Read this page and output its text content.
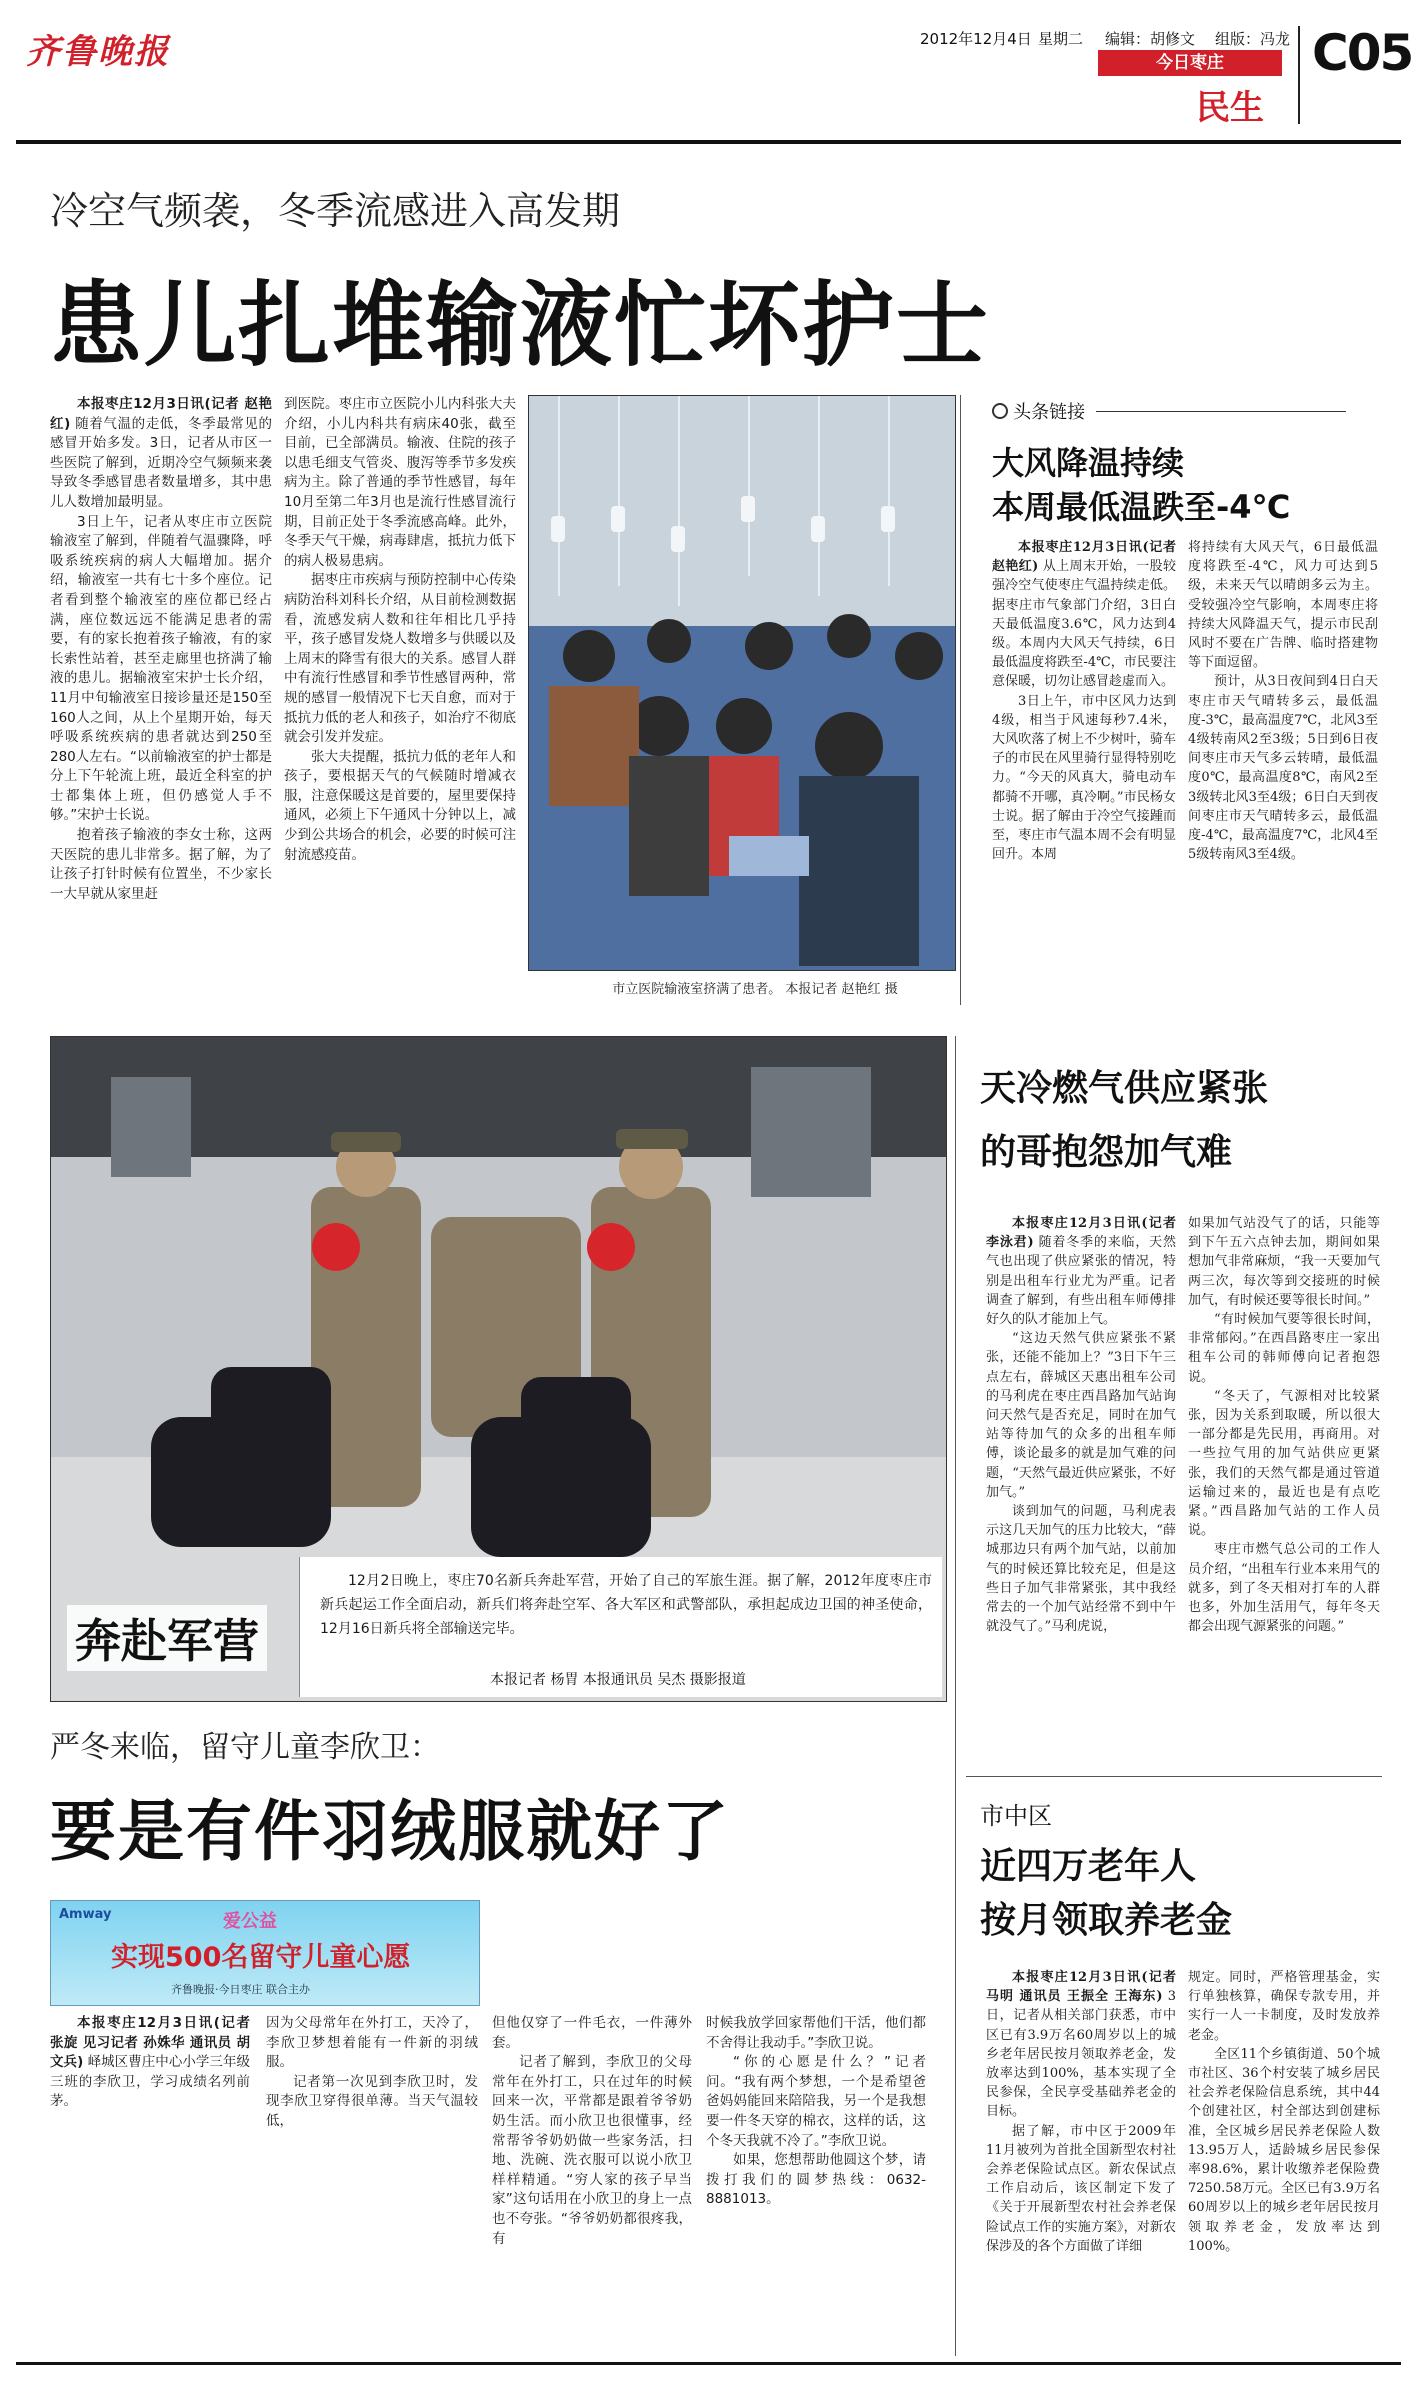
齐鲁晚报	2012年12月4日 星期二 编辑：胡修文 组版：冯龙
今日枣庄
民生
C05
冷空气频袭，冬季流感进入高发期
患儿扎堆输液忙坏护士

本报枣庄12月3日讯(记者 赵艳红) 随着气温的走低，冬季最常见的感冒开始多发。3日，记者从市区一些医院了解到，近期冷空气频频来袭导致冬季感冒患者数量增多，其中患儿人数增加最明显。

3日上午，记者从枣庄市立医院输液室了解到，伴随着气温骤降，呼吸系统疾病的病人大幅增加。据介绍，输液室一共有七十多个座位。记者看到整个输液室的座位都已经占满，座位数远远不能满足患者的需要，有的家长抱着孩子输液，有的家长索性站着，甚至走廊里也挤满了输液的患儿。据输液室宋护士长介绍，11月中旬输液室日接诊量还是150至160人之间，从上个星期开始，每天呼吸系统疾病的患者就达到250至280人左右。“以前输液室的护士都是分上下午轮流上班，最近全科室的护士都集体上班，但仍感觉人手不够。”宋护士长说。

抱着孩子输液的李女士称，这两天医院的患儿非常多。据了解，为了让孩子打针时候有位置坐，不少家长一大早就从家里赶

到医院。枣庄市立医院小儿内科张大夫介绍，小儿内科共有病床40张，截至目前，已全部满员。输液、住院的孩子以患毛细支气管炎、腹泻等季节多发疾病为主。除了普通的季节性感冒，每年10月至第二年3月也是流行性感冒流行期，目前正处于冬季流感高峰。此外，冬季天气干燥，病毒肆虐，抵抗力低下的病人极易患病。

据枣庄市疾病与预防控制中心传染病防治科刘科长介绍，从目前检测数据看，流感发病人数和往年相比几乎持平，孩子感冒发烧人数增多与供暖以及上周末的降雪有很大的关系。感冒人群中有流行性感冒和季节性感冒两种，常规的感冒一般情况下七天自愈，而对于抵抗力低的老人和孩子，如治疗不彻底就会引发并发症。

张大夫提醒，抵抗力低的老年人和孩子，要根据天气的气候随时增减衣服，注意保暖这是首要的，屋里要保持通风，必须上下午通风十分钟以上，减少到公共场合的机会，必要的时候可注射流感疫苗。

市立医院输液室挤满了患者。 本报记者 赵艳红 摄
头条链接
大风降温持续
本周最低温跌至-4℃

本报枣庄12月3日讯(记者 赵艳红) 从上周末开始，一股较强冷空气使枣庄气温持续走低。据枣庄市气象部门介绍，3日白天最低温度3.6℃，风力达到4级。本周内大风天气持续，6日最低温度将跌至-4℃，市民要注意保暖，切勿让感冒趁虚而入。

3日上午，市中区风力达到4级，相当于风速每秒7.4米，大风吹落了树上不少树叶，骑车子的市民在风里骑行显得特别吃力。“今天的风真大，骑电动车都骑不开哪，真冷啊。”市民杨女士说。据了解由于冷空气接踵而至，枣庄市气温本周不会有明显回升。本周

将持续有大风天气，6日最低温度将跌至-4℃，风力可达到5级，未来天气以晴朗多云为主。受较强冷空气影响，本周枣庄将持续大风降温天气，提示市民刮风时不要在广告牌、临时搭建物等下面逗留。

预计，从3日夜间到4日白天枣庄市天气晴转多云，最低温度-3℃，最高温度7℃，北风3至4级转南风2至3级；5日到6日夜间枣庄市天气多云转晴，最低温度0℃，最高温度8℃，南风2至3级转北风3至4级；6日白天到夜间枣庄市天气晴转多云，最低温度-4℃，最高温度7℃，北风4至5级转南风3至4级。

12月2日晚上，枣庄70名新兵奔赴军营，开始了自己的军旅生涯。据了解，2012年度枣庄市新兵起运工作全面启动，新兵们将奔赴空军、各大军区和武警部队，承担起成边卫国的神圣使命，12月16日新兵将全部输送完毕。
本报记者 杨胃 本报通讯员 吴杰 摄影报道
奔赴军营
天冷燃气供应紧张
的哥抱怨加气难

本报枣庄12月3日讯(记者 李泳君) 随着冬季的来临，天然气也出现了供应紧张的情况，特别是出租车行业尤为严重。记者调查了解到，有些出租车师傅排好久的队才能加上气。

“这边天然气供应紧张不紧张，还能不能加上？”3日下午三点左右，薛城区天惠出租车公司的马利虎在枣庄西昌路加气站询问天然气是否充足，同时在加气站等待加气的众多的出租车师傅，谈论最多的就是加气难的问题，“天然气最近供应紧张，不好加气。”

谈到加气的问题，马利虎表示这几天加气的压力比较大，“薛城那边只有两个加气站，以前加气的时候还算比较充足，但是这些日子加气非常紧张，其中我经常去的一个加气站经常不到中午就没气了。”马利虎说，

如果加气站没气了的话，只能等到下午五六点钟去加，期间如果想加气非常麻烦，“我一天要加气两三次，每次等到交接班的时候加气，有时候还要等很长时间。”

“有时候加气要等很长时间，非常郁闷。”在西昌路枣庄一家出租车公司的韩师傅向记者抱怨说。

“冬天了，气源相对比较紧张，因为关系到取暖，所以很大一部分都是先民用，再商用。对一些拉气用的加气站供应更紧张，我们的天然气都是通过管道运输过来的，最近也是有点吃紧。”西昌路加气站的工作人员说。

枣庄市燃气总公司的工作人员介绍，“出租车行业本来用气的就多，到了冬天相对打车的人群也多，外加生活用气，每年冬天都会出现气源紧张的问题。”

市中区
近四万老年人
按月领取养老金

本报枣庄12月3日讯(记者 马明 通讯员 王振全 王海东) 3日，记者从相关部门获悉，市中区已有3.9万名60周岁以上的城乡老年居民按月领取养老金，发放率达到100%，基本实现了全民参保，全民享受基础养老金的目标。

据了解，市中区于2009年11月被列为首批全国新型农村社会养老保险试点区。新农保试点工作启动后，该区制定下发了《关于开展新型农村社会养老保险试点工作的实施方案》，对新农保涉及的各个方面做了详细

规定。同时，严格管理基金，实行单独核算，确保专款专用，并实行一人一卡制度，及时发放养老金。

全区11个乡镇街道、50个城市社区、36个村安装了城乡居民社会养老保险信息系统，其中44个创建社区，村全部达到创建标准，全区城乡居民养老保险人数13.95万人，适龄城乡居民参保率98.6%，累计收缴养老保险费7250.58万元。全区已有3.9万名60周岁以上的城乡老年居民按月领取养老金，发放率达到100%。

严冬来临，留守儿童李欣卫：
要是有件羽绒服就好了
Amway	爱公益
实现500名留守儿童心愿
齐鲁晚报·今日枣庄 联合主办

本报枣庄12月3日讯(记者 张旋 见习记者 孙姝华 通讯员 胡文兵) 峄城区曹庄中心小学三年级三班的李欣卫，学习成绩名列前茅。

因为父母常年在外打工，天冷了，李欣卫梦想着能有一件新的羽绒服。

记者第一次见到李欣卫时，发现李欣卫穿得很单薄。当天气温较低，

但他仅穿了一件毛衣，一件薄外套。

记者了解到，李欣卫的父母常年在外打工，只在过年的时候回来一次，平常都是跟着爷爷奶奶生活。而小欣卫也很懂事，经常帮爷爷奶奶做一些家务活，扫地、洗碗、洗衣服可以说小欣卫样样精通。“穷人家的孩子早当家”这句话用在小欣卫的身上一点也不夸张。“爷爷奶奶都很疼我，有

时候我放学回家帮他们干活，他们都不舍得让我动手。”李欣卫说。

“你的心愿是什么？”记者问。“我有两个梦想，一个是希望爸爸妈妈能回来陪陪我，另一个是我想要一件冬天穿的棉衣，这样的话，这个冬天我就不冷了。”李欣卫说。

如果，您想帮助他圆这个梦，请拨打我们的圆梦热线：0632-8881013。
